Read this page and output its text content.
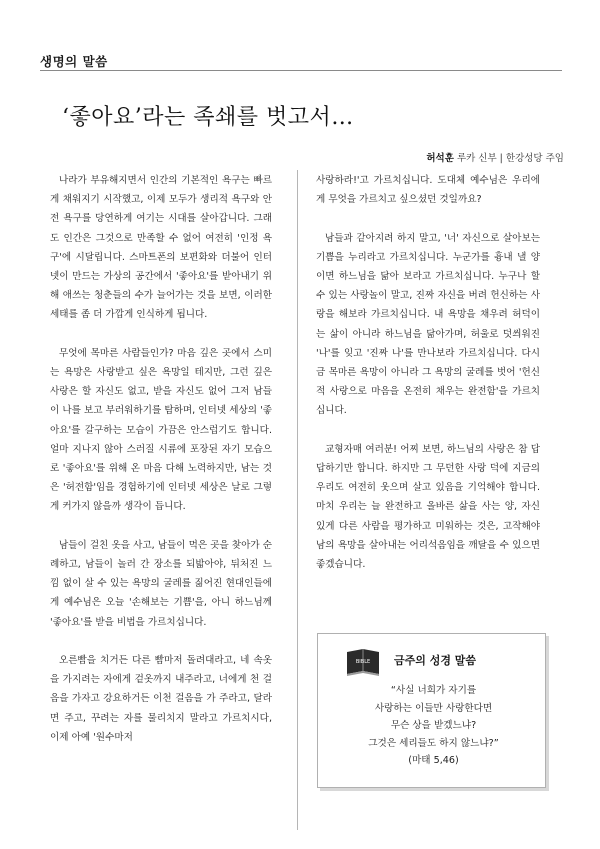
생명의 말씀
‘좋아요’라는 족쇄를 벗고서…
허석훈 루카 신부 | 한강성당 주임

나라가 부유해지면서 인간의 기본적인 욕구는 빠르게 채워지기 시작했고, 이제 모두가 생리적 욕구와 안전 욕구를 당연하게 여기는 시대를 살아갑니다. 그래도 인간은 그것으로 만족할 수 없어 여전히 '인정 욕구'에 시달립니다. 스마트폰의 보편화와 더불어 인터넷이 만드는 가상의 공간에서 '좋아요'를 받아내기 위해 애쓰는 청춘들의 수가 늘어가는 것을 보면, 이러한 세태를 좀 더 가깝게 인식하게 됩니다.

무엇에 목마른 사람들인가? 마음 깊은 곳에서 스미는 욕망은 사랑받고 싶은 욕망일 테지만, 그런 깊은 사랑은 할 자신도 없고, 받을 자신도 없어 그저 남들이 나를 보고 부러워하기를 탐하며, 인터넷 세상의 '좋아요'를 갈구하는 모습이 가끔은 안스럽기도 합니다. 얼마 지나지 않아 스러질 시류에 포장된 자기 모습으로 '좋아요'를 위해 온 마음 다해 노력하지만, 남는 것은 '허전함'임을 경험하기에 인터넷 세상은 날로 그렇게 커가지 않을까 생각이 듭니다.

남들이 걸친 옷을 사고, 남들이 먹은 곳을 찾아가 순례하고, 남들이 놀러 간 장소를 되밟아야, 뒤처진 느낌 없이 살 수 있는 욕망의 굴레를 짊어진 현대인들에게 예수님은 오늘 '손해보는 기쁨'을, 아니 하느님께 '좋아요'를 받을 비법을 가르치십니다.

오른빰을 치거든 다른 빰마저 돌려대라고, 네 속옷을 가지려는 자에게 겉옷까지 내주라고, 너에게 천 걸음을 가자고 강요하거든 이천 걸음을 가 주라고, 달라면 주고, 꾸려는 자를 물리치지 말라고 가르치시다, 이제 아예 '원수마저

사랑하라!'고 가르치십니다. 도대체 예수님은 우리에게 무엇을 가르치고 싶으셨던 것일까요?

남들과 같아지려 하지 말고, '너' 자신으로 살아보는 기쁨을 누리라고 가르치십니다. 누군가를 흉내 낼 양이면 하느님을 닮아 보라고 가르치십니다. 누구나 할 수 있는 사랑놀이 말고, 진짜 자신을 버려 헌신하는 사랑을 해보라 가르치십니다. 내 욕망을 채우려 허덕이는 삶이 아니라 하느님을 닮아가며, 허울로 덧씌워진 '나'를 잊고 '진짜 나'를 만나보라 가르치십니다. 다시금 목마른 욕망이 아니라 그 욕망의 굴레를 벗어 '헌신적 사랑으로 마음을 온전히 채우는 완전함'을 가르치십니다.

교형자매 여러분! 어찌 보면, 하느님의 사랑은 참 답답하기만 합니다. 하지만 그 무던한 사랑 덕에 지금의 우리도 여전히 웃으며 살고 있음을 기억해야 합니다. 마치 우리는 늘 완전하고 올바른 삶을 사는 양, 자신 있게 다른 사람을 평가하고 미워하는 것은, 고작해야 남의 욕망을 살아내는 어리석음임을 깨달을 수 있으면 좋겠습니다.

BIBLE 금주의 성경 말씀
“사실 너희가 자기를
사랑하는 이들만 사랑한다면
무슨 상을 받겠느냐?
그것은 세리들도 하지 않느냐?”
(마태 5,46)
